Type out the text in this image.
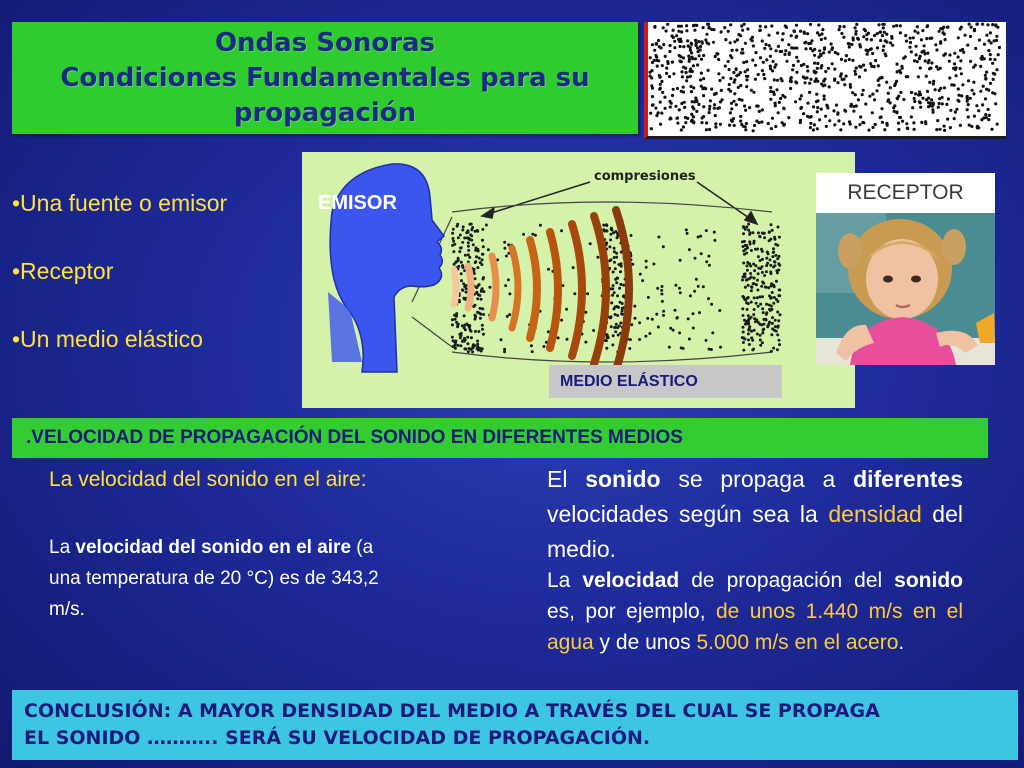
Ondas Sonoras
Condiciones Fundamentales para su
propagación
•Una fuente o emisor
•Receptor
•Un medio elástico
compresiones
EMISOR
MEDIO ELÁSTICO
RECEPTOR
.VELOCIDAD DE PROPAGACIÓN DEL SONIDO EN DIFERENTES MEDIOS
La velocidad del sonido en el aire:
La velocidad del sonido en el aire (a una temperatura de 20 °C) es de 343,2 m/s.
El sonido se propaga a diferentes velocidades según sea la densidad del medio.
La velocidad de propagación del sonido es, por ejemplo, de unos 1.440 m/s en el agua y de unos 5.000 m/s en el acero.
CONCLUSIÓN: A MAYOR DENSIDAD DEL MEDIO A TRAVÉS DEL CUAL SE PROPAGA
EL SONIDO ……….. SERÁ SU VELOCIDAD DE PROPAGACIÓN.
